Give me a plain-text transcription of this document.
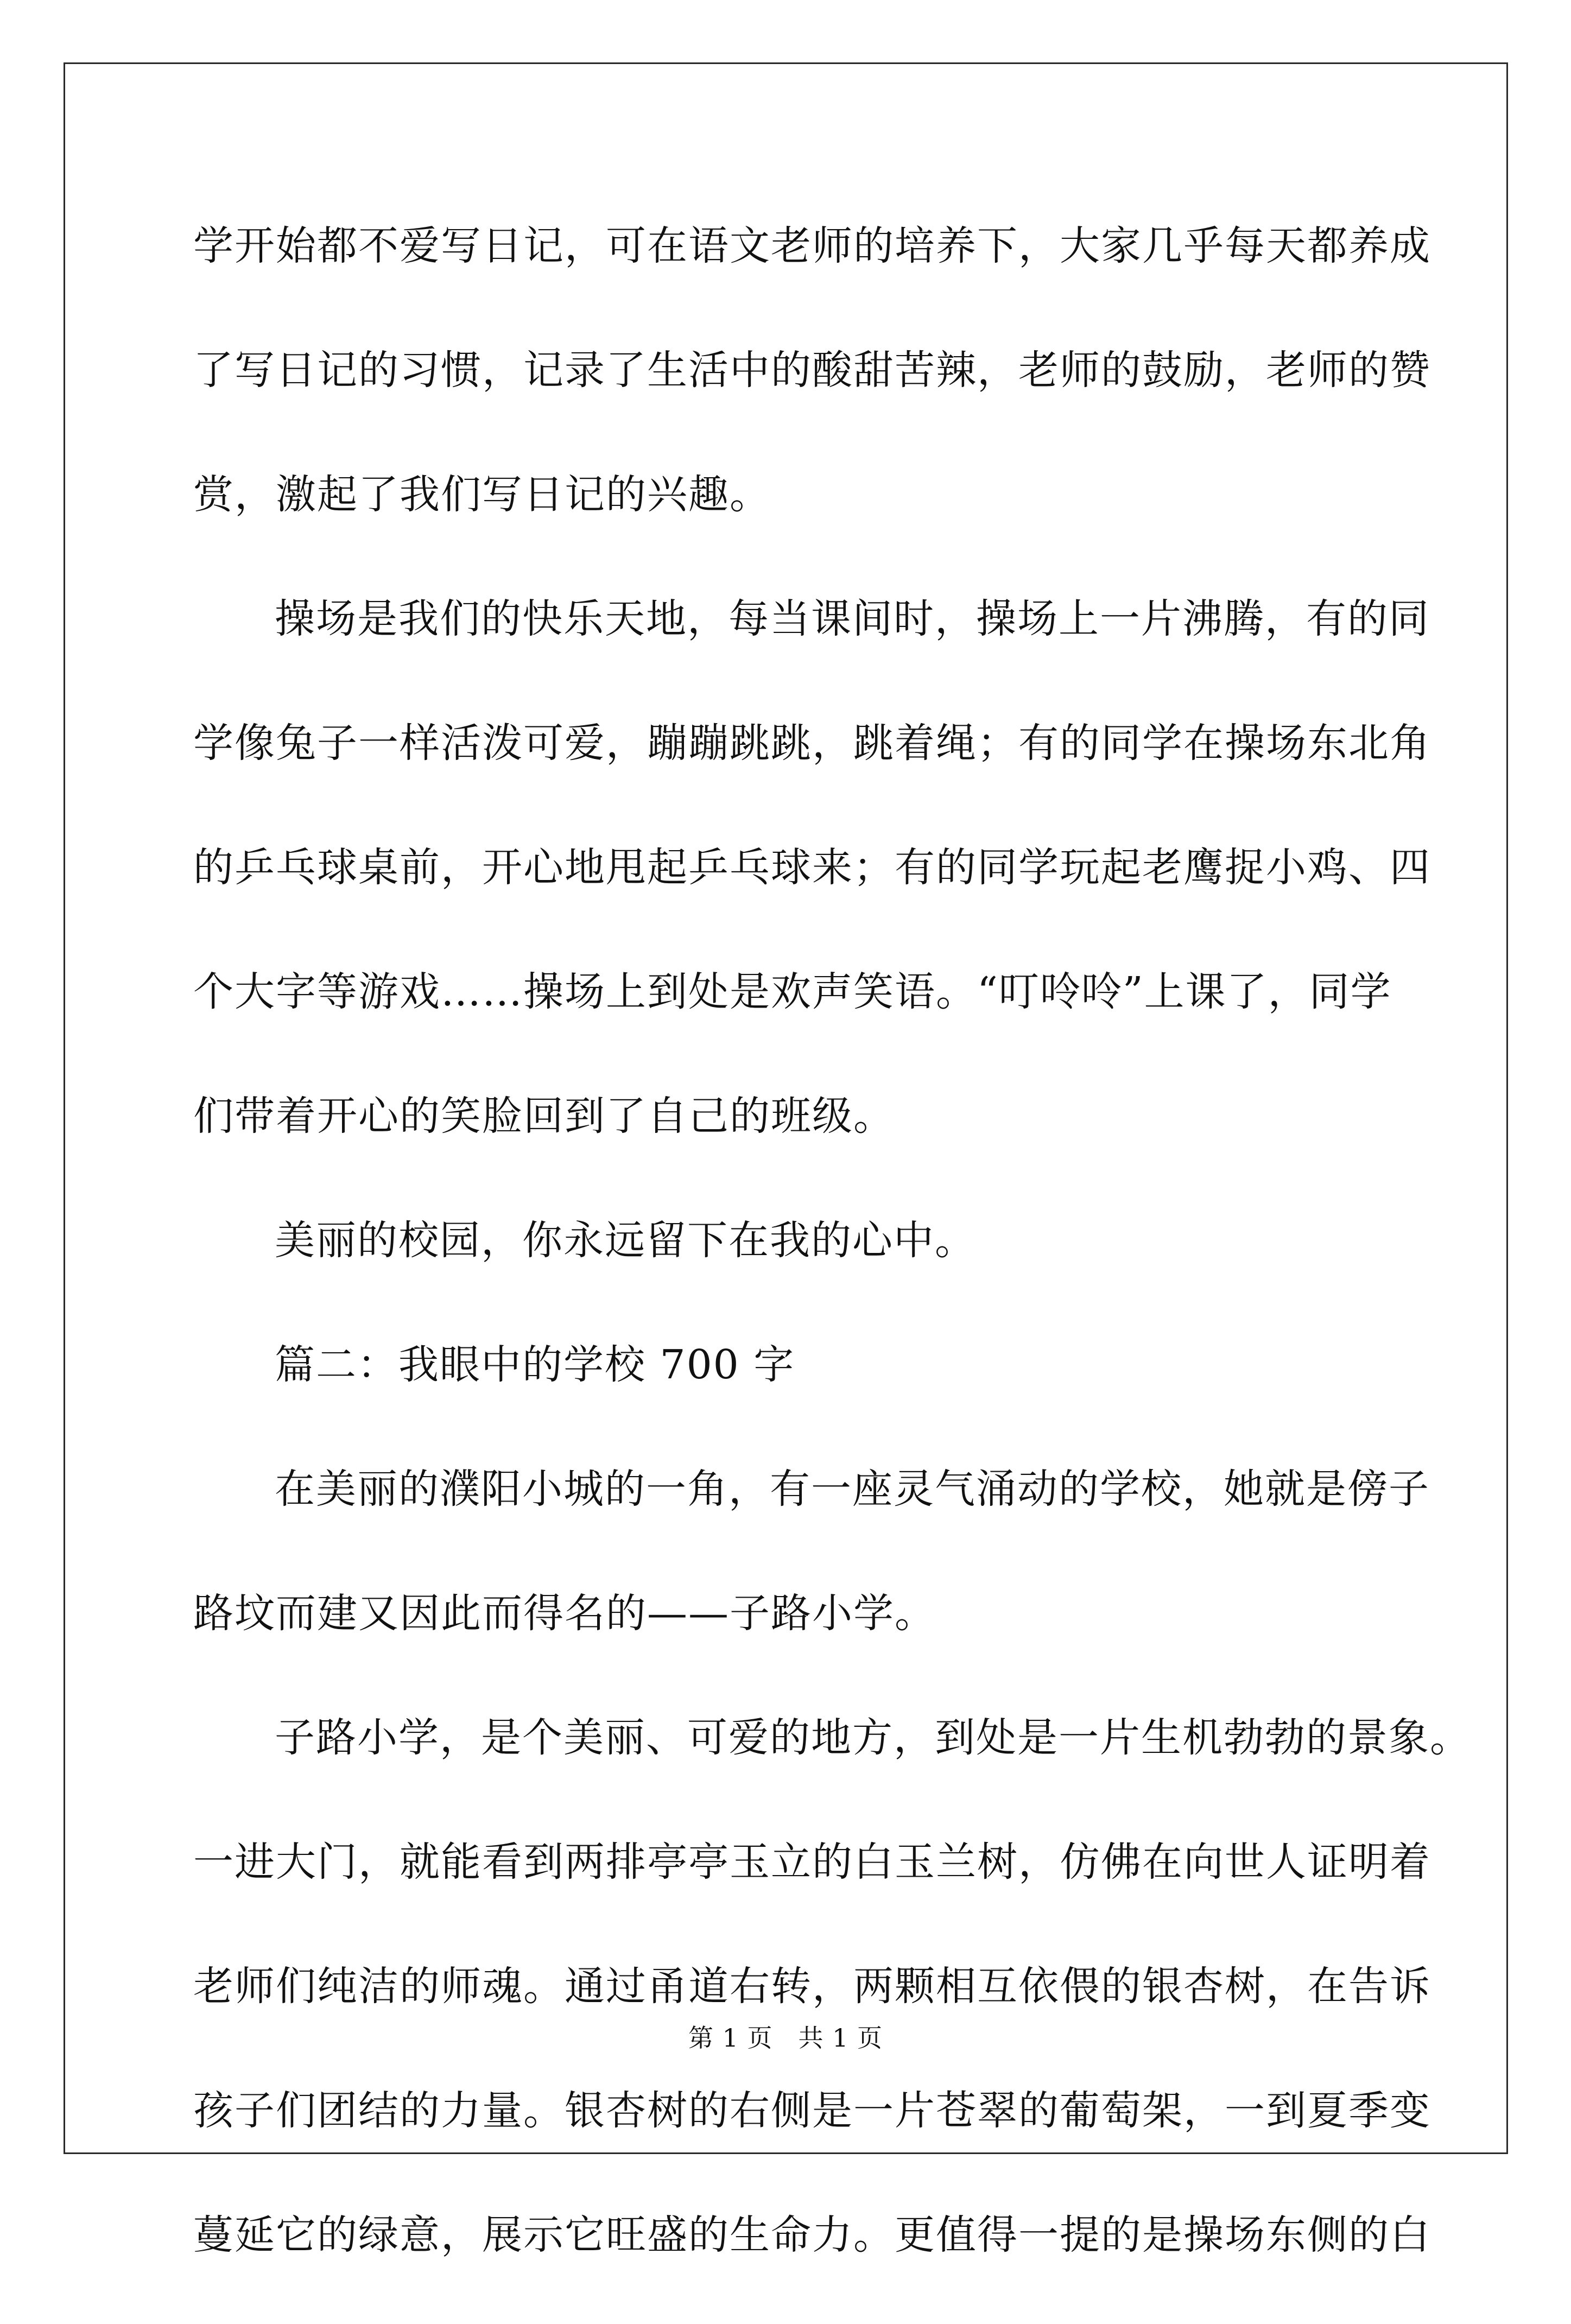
学开始都不爱写日记，可在语文老师的培养下，大家几乎每天都养成
了写日记的习惯，记录了生活中的酸甜苦辣，老师的鼓励，老师的赞
赏，激起了我们写日记的兴趣。
操场是我们的快乐天地，每当课间时，操场上一片沸腾，有的同
学像兔子一样活泼可爱，蹦蹦跳跳，跳着绳；有的同学在操场东北角
的乒乓球桌前，开心地甩起乒乓球来；有的同学玩起老鹰捉小鸡、四
个大字等游戏……操场上到处是欢声笑语。“叮呤呤”上课了，同学
们带着开心的笑脸回到了自己的班级。
美丽的校园，你永远留下在我的心中。
篇二：我眼中的学校 700 字
在美丽的濮阳小城的一角，有一座灵气涌动的学校，她就是傍子
路坟而建又因此而得名的——子路小学。
子路小学，是个美丽、可爱的地方，到处是一片生机勃勃的景象。
一进大门，就能看到两排亭亭玉立的白玉兰树，仿佛在向世人证明着
老师们纯洁的师魂。通过甬道右转，两颗相互依偎的银杏树，在告诉
孩子们团结的力量。银杏树的右侧是一片苍翠的葡萄架，一到夏季变
蔓延它的绿意，展示它旺盛的生命力。更值得一提的是操场东侧的白
第 1 页　共 1 页
